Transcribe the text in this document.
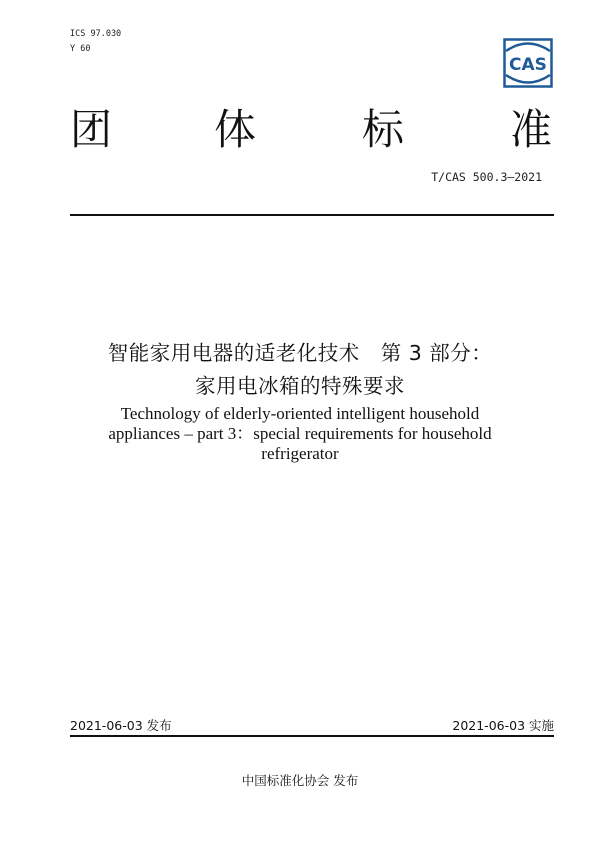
ICS 97.030
Y 60
CAS
团 体	标	准
T/CAS 500.3—2021
智能家用电器的适老化技术　第 3 部分：
家用电冰箱的特殊要求
Technology of elderly-oriented intelligent household
appliances – part 3：special requirements for household
refrigerator
2021-06-03 发布	2021-06-03 实施
中国标准化协会 发布
